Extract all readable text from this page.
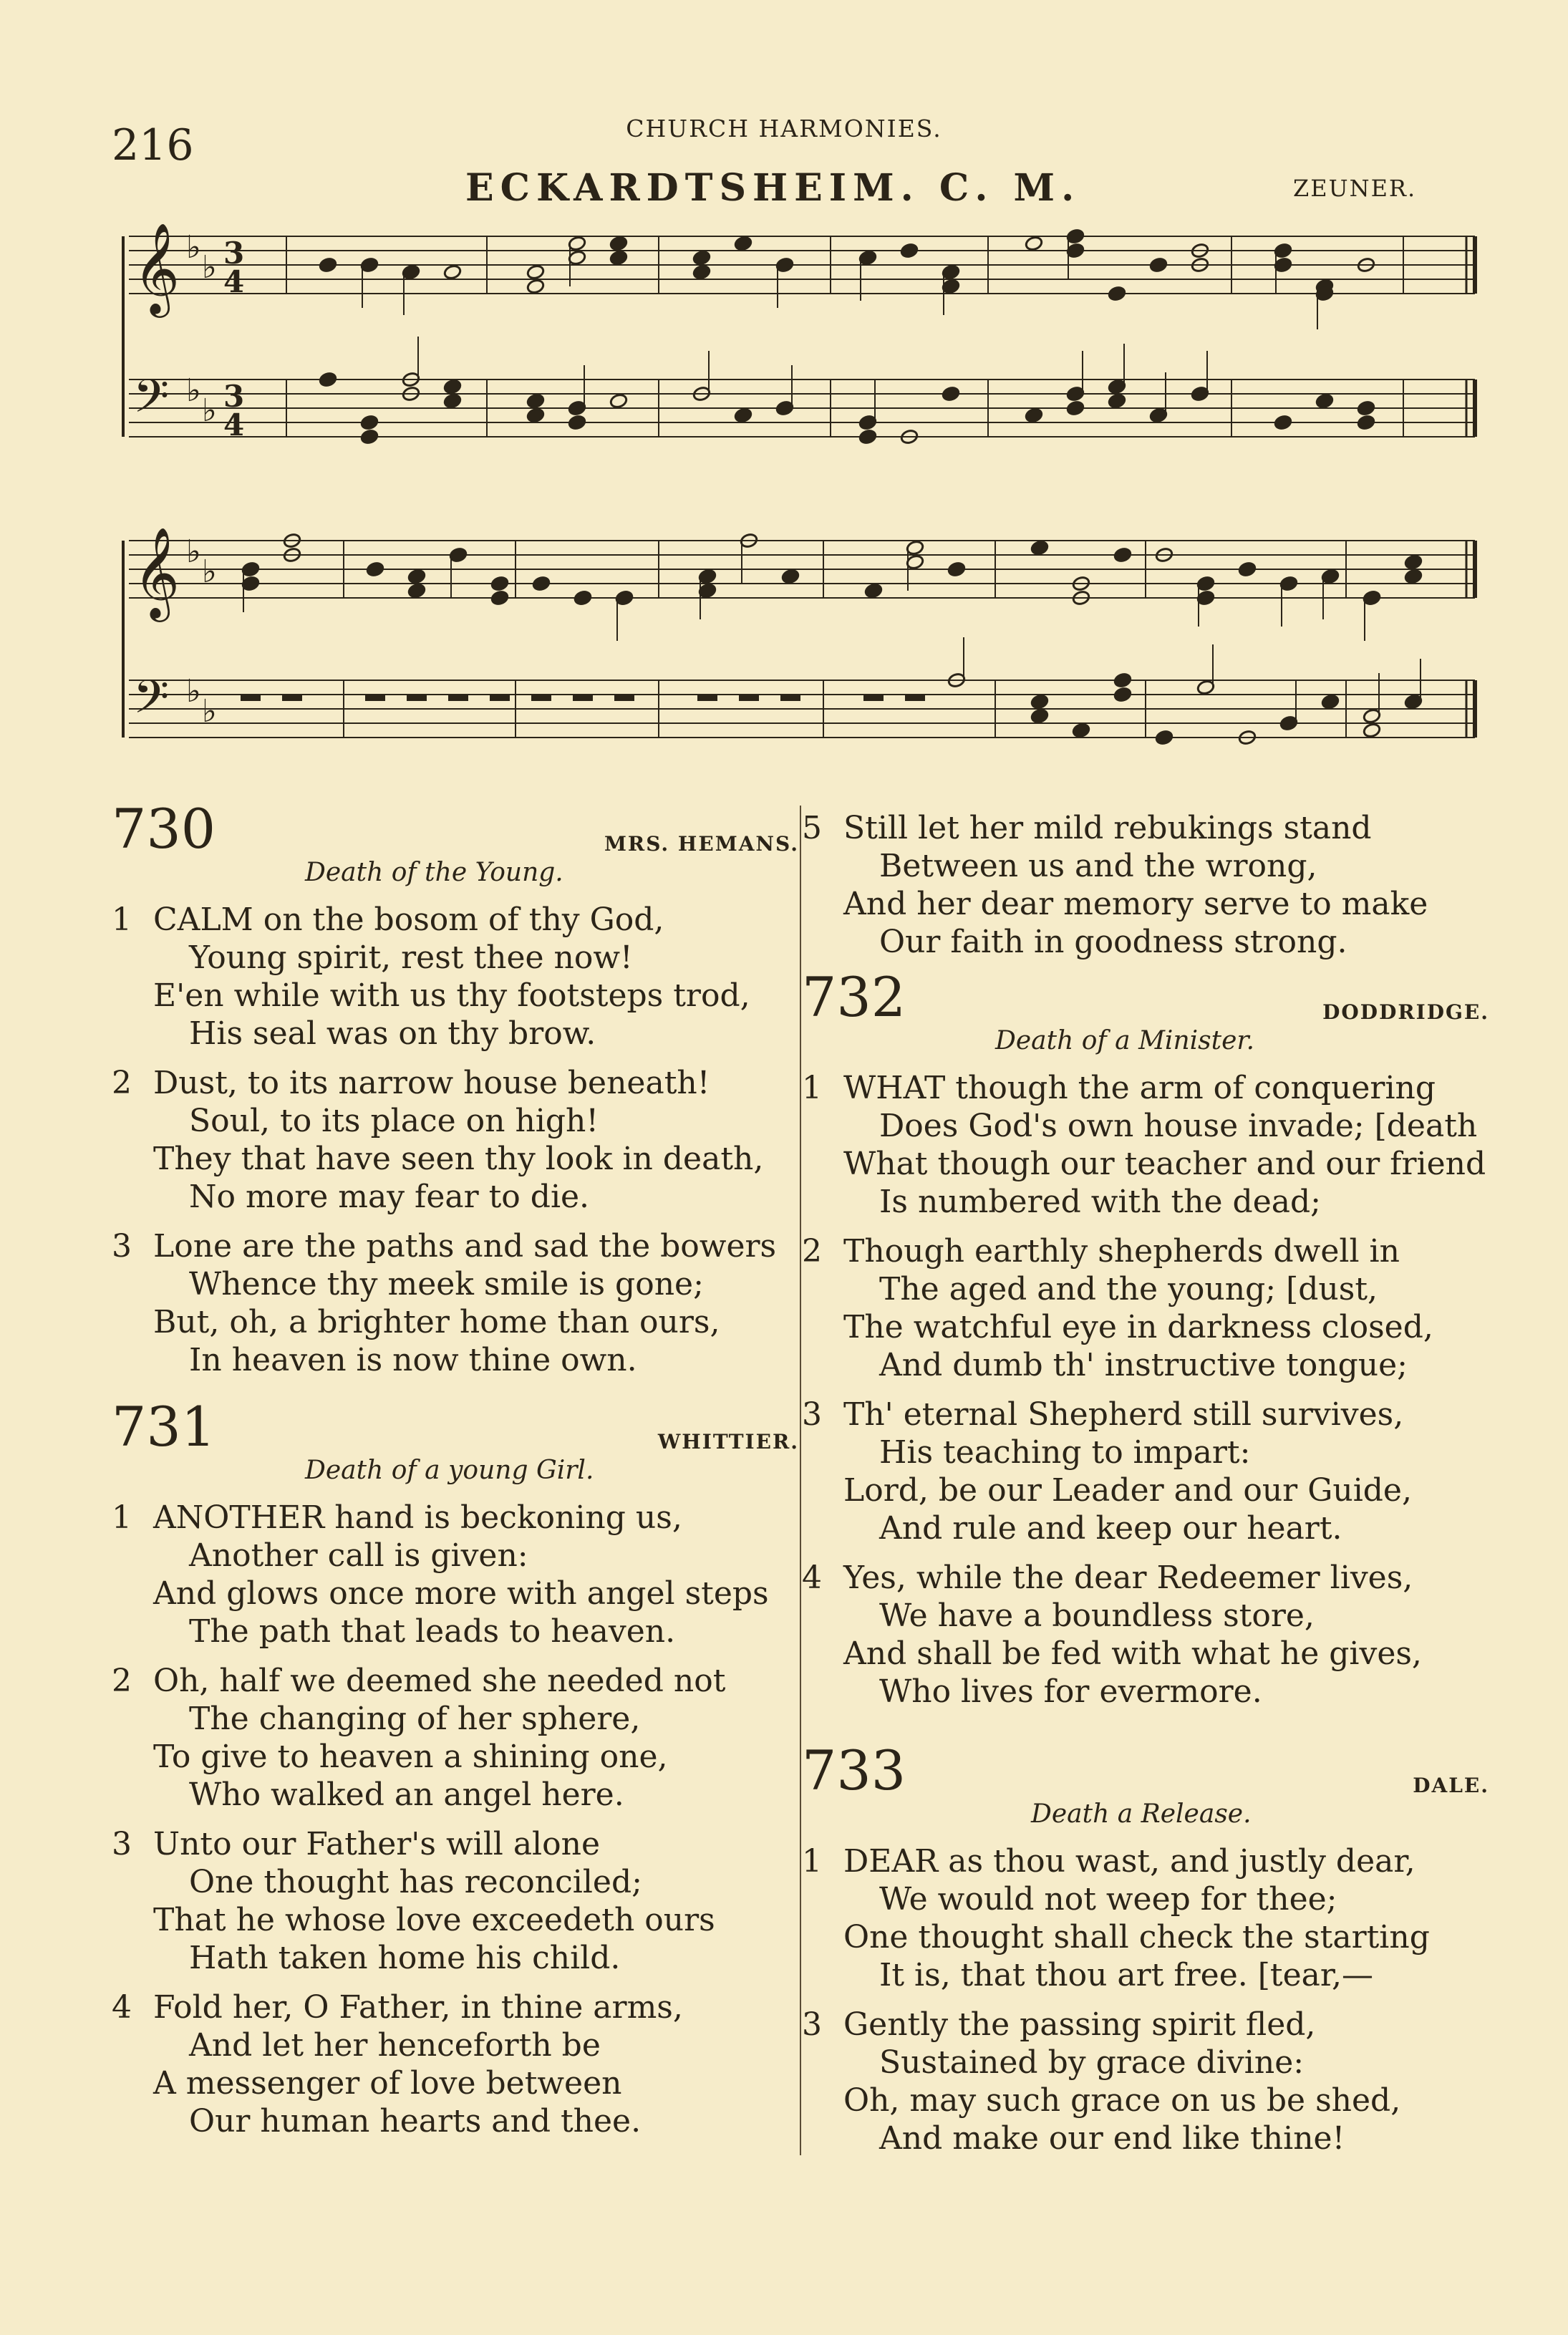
216	CHURCH HARMONIES.
ECKARDTSHEIM. C. M.	ZEUNER.
𝄞 ♭
♭ 3
4
𝄢 ♭
♭ 3
4
𝄞 ♭
♭
𝄢 ♭
♭
730	MRS. HEMANS.
Death of the Young.
1 CALM on the bosom of thy God,
Young spirit, rest thee now!
E'en while with us thy footsteps trod,
His seal was on thy brow.
2 Dust, to its narrow house beneath!
Soul, to its place on high!
They that have seen thy look in death,
No more may fear to die.
3 Lone are the paths and sad the bowers
Whence thy meek smile is gone;
But, oh, a brighter home than ours,
In heaven is now thine own.
731	WHITTIER.
Death of a young Girl.
1 ANOTHER hand is beckoning us,
Another call is given:
And glows once more with angel steps
The path that leads to heaven.
2 Oh, half we deemed she needed not
The changing of her sphere,
To give to heaven a shining one,
Who walked an angel here.
3 Unto our Father's will alone
One thought has reconciled;
That he whose love exceedeth ours
Hath taken home his child.
4 Fold her, O Father, in thine arms,
And let her henceforth be
A messenger of love between
Our human hearts and thee.
5 Still let her mild rebukings stand
Between us and the wrong,
And her dear memory serve to make
Our faith in goodness strong.
732	DODDRIDGE.
Death of a Minister.
1 WHAT though the arm of conquering
Does God's own house invade; [death
What though our teacher and our friend
Is numbered with the dead;
2 Though earthly shepherds dwell in
The aged and the young; [dust,
The watchful eye in darkness closed,
And dumb th' instructive tongue;
3 Th' eternal Shepherd still survives,
His teaching to impart:
Lord, be our Leader and our Guide,
And rule and keep our heart.
4 Yes, while the dear Redeemer lives,
We have a boundless store,
And shall be fed with what he gives,
Who lives for evermore.
733	DALE.
Death a Release.
1 DEAR as thou wast, and justly dear,
We would not weep for thee;
One thought shall check the starting
It is, that thou art free. [tear,—
3 Gently the passing spirit fled,
Sustained by grace divine:
Oh, may such grace on us be shed,
And make our end like thine!
